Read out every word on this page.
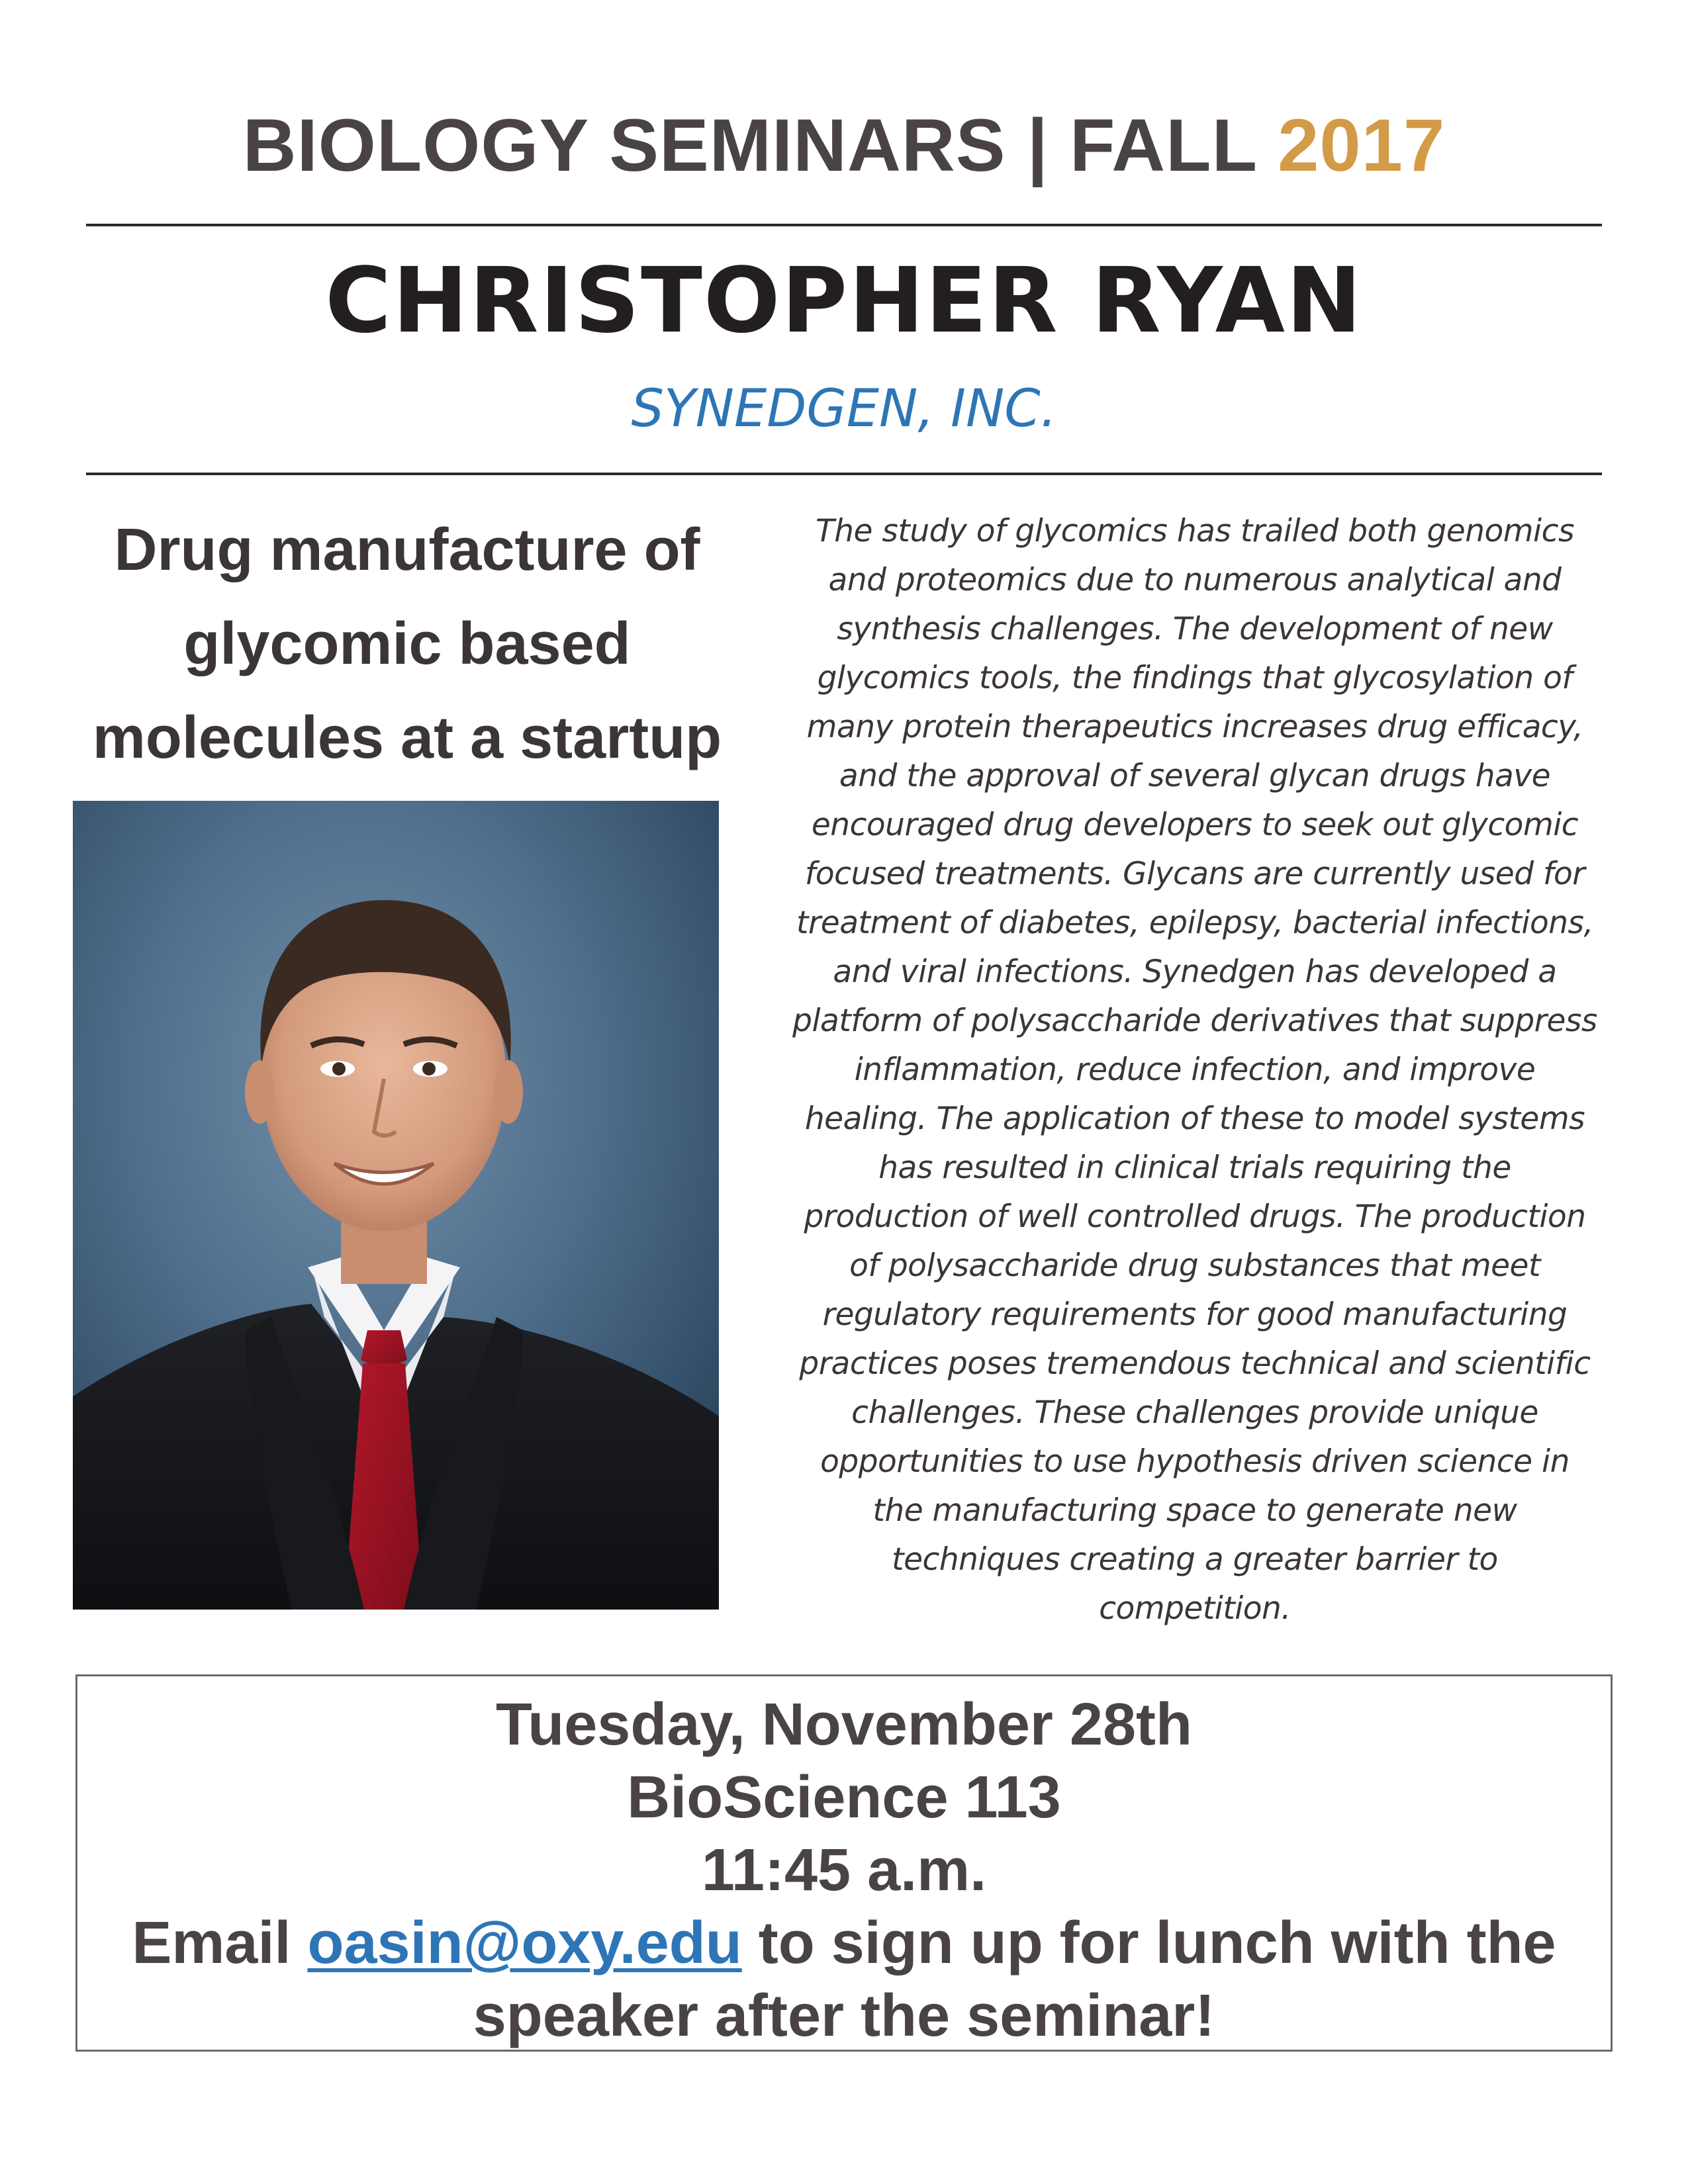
BIOLOGY SEMINARS | FALL 2017
CHRISTOPHER RYAN
SYNEDGEN, INC.
Drug manufacture of
glycomic based
molecules at a startup
The study of glycomics has trailed both genomics
and proteomics due to numerous analytical and
synthesis challenges. The development of new
glycomics tools, the findings that glycosylation of
many protein therapeutics increases drug efficacy,
and the approval of several glycan drugs have
encouraged drug developers to seek out glycomic
focused treatments. Glycans are currently used for
treatment of diabetes, epilepsy, bacterial infections,
and viral infections. Synedgen has developed a
platform of polysaccharide derivatives that suppress
inflammation, reduce infection, and improve
healing. The application of these to model systems
has resulted in clinical trials requiring the
production of well controlled drugs. The production
of polysaccharide drug substances that meet
regulatory requirements for good manufacturing
practices poses tremendous technical and scientific
challenges. These challenges provide unique
opportunities to use hypothesis driven science in
the manufacturing space to generate new
techniques creating a greater barrier to
competition.
Tuesday, November 28th
BioScience 113
11:45 a.m.
Email oasin@oxy.edu to sign up for lunch with the
speaker after the seminar!
